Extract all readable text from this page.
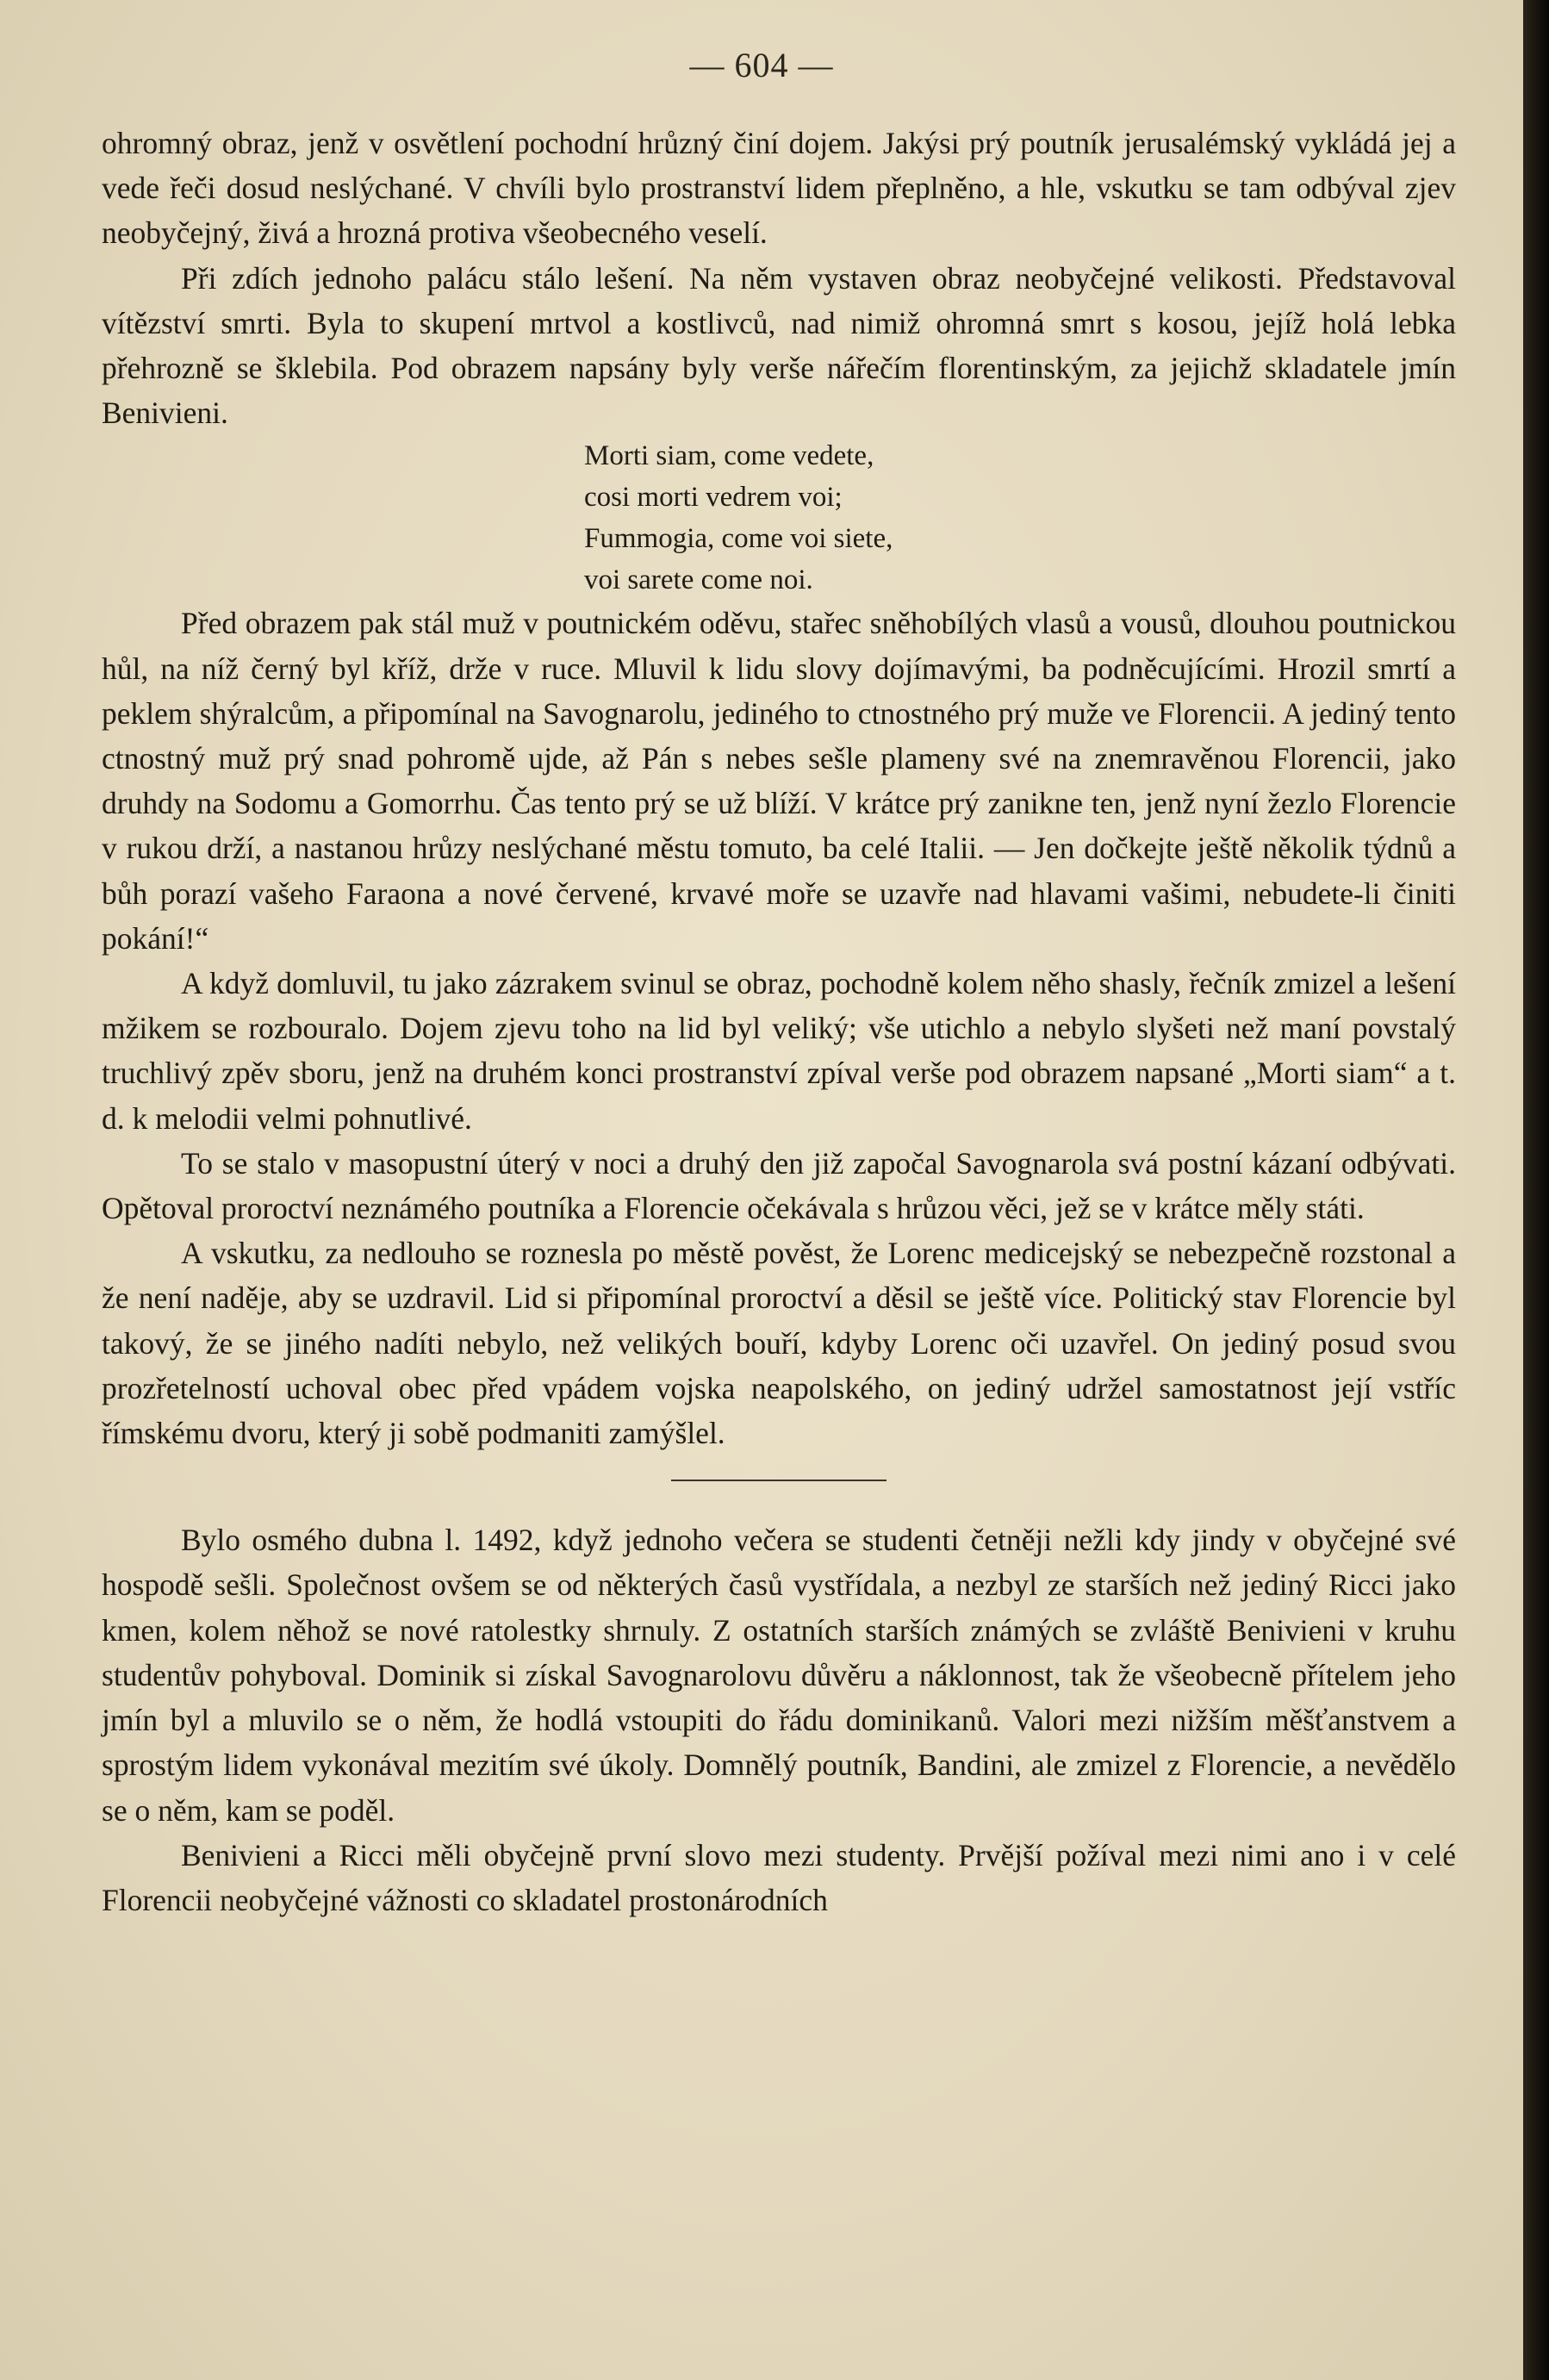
— 604 —

ohromný obraz, jenž v osvětlení pochodní hrůzný činí dojem. Jakýsi prý poutník jerusalémský vykládá jej a vede řeči dosud neslýchané. V chvíli bylo prostranství lidem přeplněno, a hle, vskutku se tam odbýval zjev neobyčejný, živá a hrozná protiva všeobecného veselí.

Při zdích jednoho palácu stálo lešení. Na něm vystaven obraz neobyčejné velikosti. Představoval vítězství smrti. Byla to skupení mrtvol a kostlivců, nad nimiž ohromná smrt s kosou, jejíž holá lebka přehrozně se šklebila. Pod obrazem napsány byly verše nářečím florentinským, za jejichž skladatele jmín Benivieni.

Morti siam, come vedete,
cosi morti vedrem voi;
Fummogia, come voi siete,
voi sarete come noi.

Před obrazem pak stál muž v poutnickém oděvu, stařec sněhobílých vlasů a vousů, dlouhou poutnickou hůl, na níž černý byl kříž, drže v ruce. Mluvil k lidu slovy dojímavými, ba podněcujícími. Hrozil smrtí a peklem shýralcům, a připomínal na Savognarolu, jediného to ctnostného prý muže ve Florencii. A jediný tento ctnostný muž prý snad pohromě ujde, až Pán s nebes sešle plameny své na znemravěnou Florencii, jako druhdy na Sodomu a Gomorrhu. Čas tento prý se už blíží. V krátce prý zanikne ten, jenž nyní žezlo Florencie v rukou drží, a nastanou hrůzy neslýchané městu tomuto, ba celé Italii. — Jen dočkejte ještě několik týdnů a bůh porazí vašeho Faraona a nové červené, krvavé moře se uzavře nad hlavami vašimi, nebudete-li činiti pokání!“

A když domluvil, tu jako zázrakem svinul se obraz, pochodně kolem něho shasly, řečník zmizel a lešení mžikem se rozbouralo. Dojem zjevu toho na lid byl veliký; vše utichlo a nebylo slyšeti než maní povstalý truchlivý zpěv sboru, jenž na druhém konci prostranství zpíval verše pod obrazem napsané „Morti siam“ a t. d. k melodii velmi pohnutlivé.

To se stalo v masopustní úterý v noci a druhý den již započal Savognarola svá postní kázaní odbývati. Opětoval proroctví neznámého poutníka a Florencie očekávala s hrůzou věci, jež se v krátce měly státi.

A vskutku, za nedlouho se roznesla po městě pověst, že Lorenc medicejský se nebezpečně rozstonal a že není naděje, aby se uzdravil. Lid si připomínal proroctví a děsil se ještě více. Politický stav Florencie byl takový, že se jiného nadíti nebylo, než velikých bouří, kdyby Lorenc oči uzavřel. On jediný posud svou prozřetelností uchoval obec před vpádem vojska neapolského, on jediný udržel samostatnost její vstříc římskému dvoru, který ji sobě podmaniti zamýšlel.

Bylo osmého dubna l. 1492, když jednoho večera se studenti četněji nežli kdy jindy v obyčejné své hospodě sešli. Společnost ovšem se od některých časů vystřídala, a nezbyl ze starších než jediný Ricci jako kmen, kolem něhož se nové ratolestky shrnuly. Z ostatních starších známých se zvláště Benivieni v kruhu studentův pohyboval. Dominik si získal Savognarolovu důvěru a náklonnost, tak že všeobecně přítelem jeho jmín byl a mluvilo se o něm, že hodlá vstoupiti do řádu dominikanů. Valori mezi nižším měšťanstvem a sprostým lidem vykonával mezitím své úkoly. Domnělý poutník, Bandini, ale zmizel z Florencie, a nevědělo se o něm, kam se poděl.

Benivieni a Ricci měli obyčejně první slovo mezi studenty. Prvější požíval mezi nimi ano i v celé Florencii neobyčejné vážnosti co skladatel prostonárodních
